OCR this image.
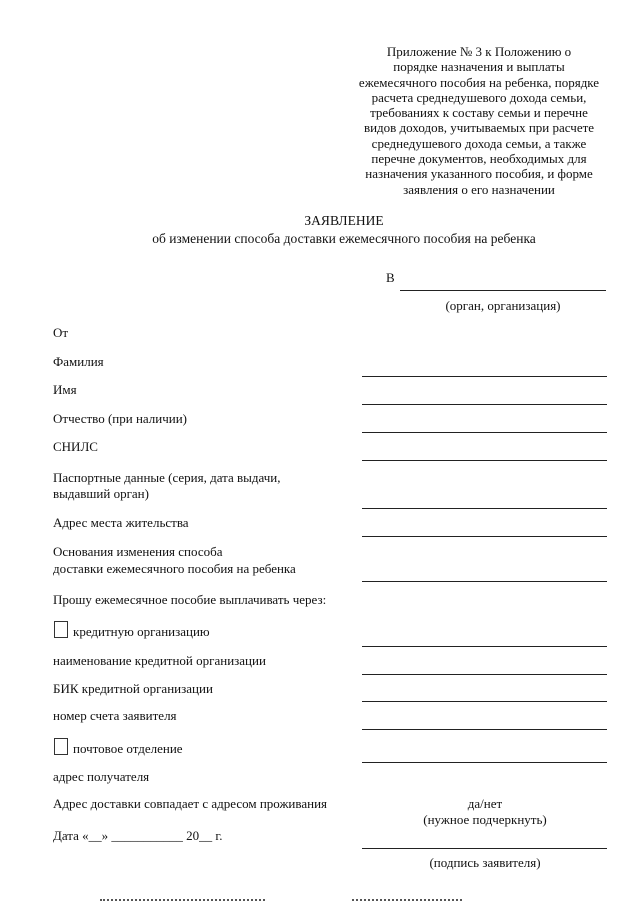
Приложение № 3 к Положению о
порядке назначения и выплаты
ежемесячного пособия на ребенка, порядке
расчета среднедушевого дохода семьи,
требованиях к составу семьи и перечне
видов доходов, учитываемых при расчете
среднедушевого дохода семьи, а также
перечне документов, необходимых для
назначения указанного пособия, и форме
заявления о его назначении
ЗАЯВЛЕНИЕ
об изменении способа доставки ежемесячного пособия на ребенка
В
(орган, организация)
От
Фамилия
Имя
Отчество (при наличии)
СНИЛС
Паспортные данные (серия, дата выдачи,
выдавший орган)
Адрес места жительства
Основания изменения способа
доставки ежемесячного пособия на ребенка
Прошу ежемесячное пособие выплачивать через:
кредитную организацию
наименование кредитной организации
БИК кредитной организации
номер счета заявителя
почтовое отделение
адрес получателя
Адрес доставки совпадает с адресом проживания	да/нет
(нужное подчеркнуть)
Дата «__» ___________ 20__ г.
(подпись заявителя)
